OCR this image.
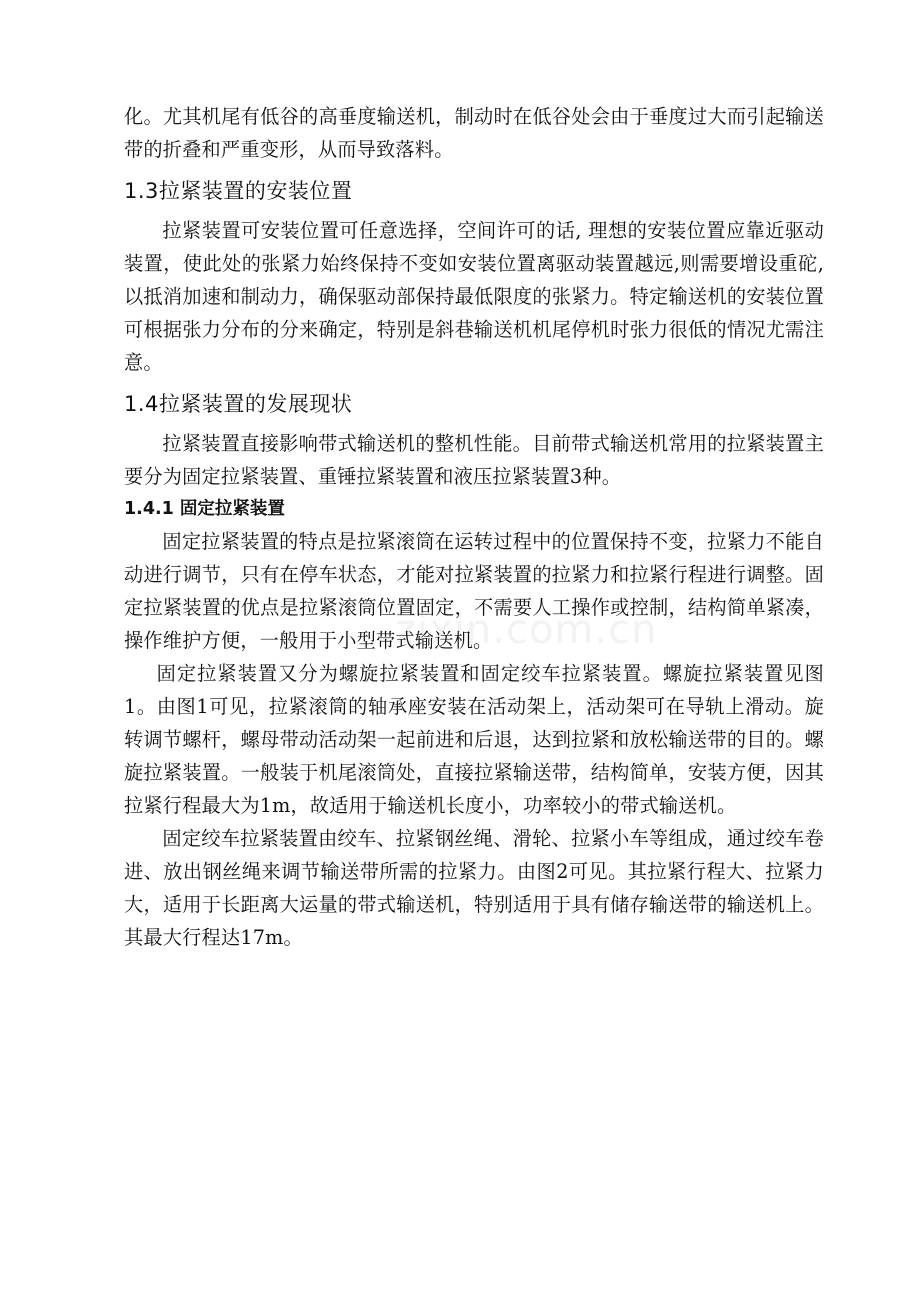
化。尤其机尾有低谷的高垂度输送机，制动时在低谷处会由于垂度过大而引起输送带的折叠和严重变形，从而导致落料。

1.3拉紧装置的安装位置

拉紧装置可安装位置可任意选择，空间许可的话, 理想的安装位置应靠近驱动装置，使此处的张紧力始终保持不变如安装位置离驱动装置越远,则需要增设重砣,以抵消加速和制动力，确保驱动部保持最低限度的张紧力。特定输送机的安装位置可根据张力分布的分来确定，特别是斜巷输送机机尾停机时张力很低的情况尤需注意。

1.4拉紧装置的发展现状

拉紧装置直接影响带式输送机的整机性能。目前带式输送机常用的拉紧装置主要分为固定拉紧装置、重锤拉紧装置和液压拉紧装置3种。

1.4.1 固定拉紧装置

固定拉紧装置的特点是拉紧滚筒在运转过程中的位置保持不变，拉紧力不能自动进行调节，只有在停车状态，才能对拉紧装置的拉紧力和拉紧行程进行调整。固定拉紧装置的优点是拉紧滚筒位置固定，不需要人工操作或控制，结构简单紧凑，操作维护方便，一般用于小型带式输送机。

固定拉紧装置又分为螺旋拉紧装置和固定绞车拉紧装置。螺旋拉紧装置见图1。由图1可见，拉紧滚筒的轴承座安装在活动架上，活动架可在导轨上滑动。旋转调节螺杆，螺母带动活动架一起前进和后退，达到拉紧和放松输送带的目的。螺旋拉紧装置。一般装于机尾滚筒处，直接拉紧输送带，结构简单，安装方便，因其拉紧行程最大为1m，故适用于输送机长度小，功率较小的带式输送机。

固定绞车拉紧装置由绞车、拉紧钢丝绳、滑轮、拉紧小车等组成，通过绞车卷进、放出钢丝绳来调节输送带所需的拉紧力。由图2可见。其拉紧行程大、拉紧力大，适用于长距离大运量的带式输送机，特别适用于具有储存输送带的输送机上。其最大行程达17m。

zixin.com.cn
